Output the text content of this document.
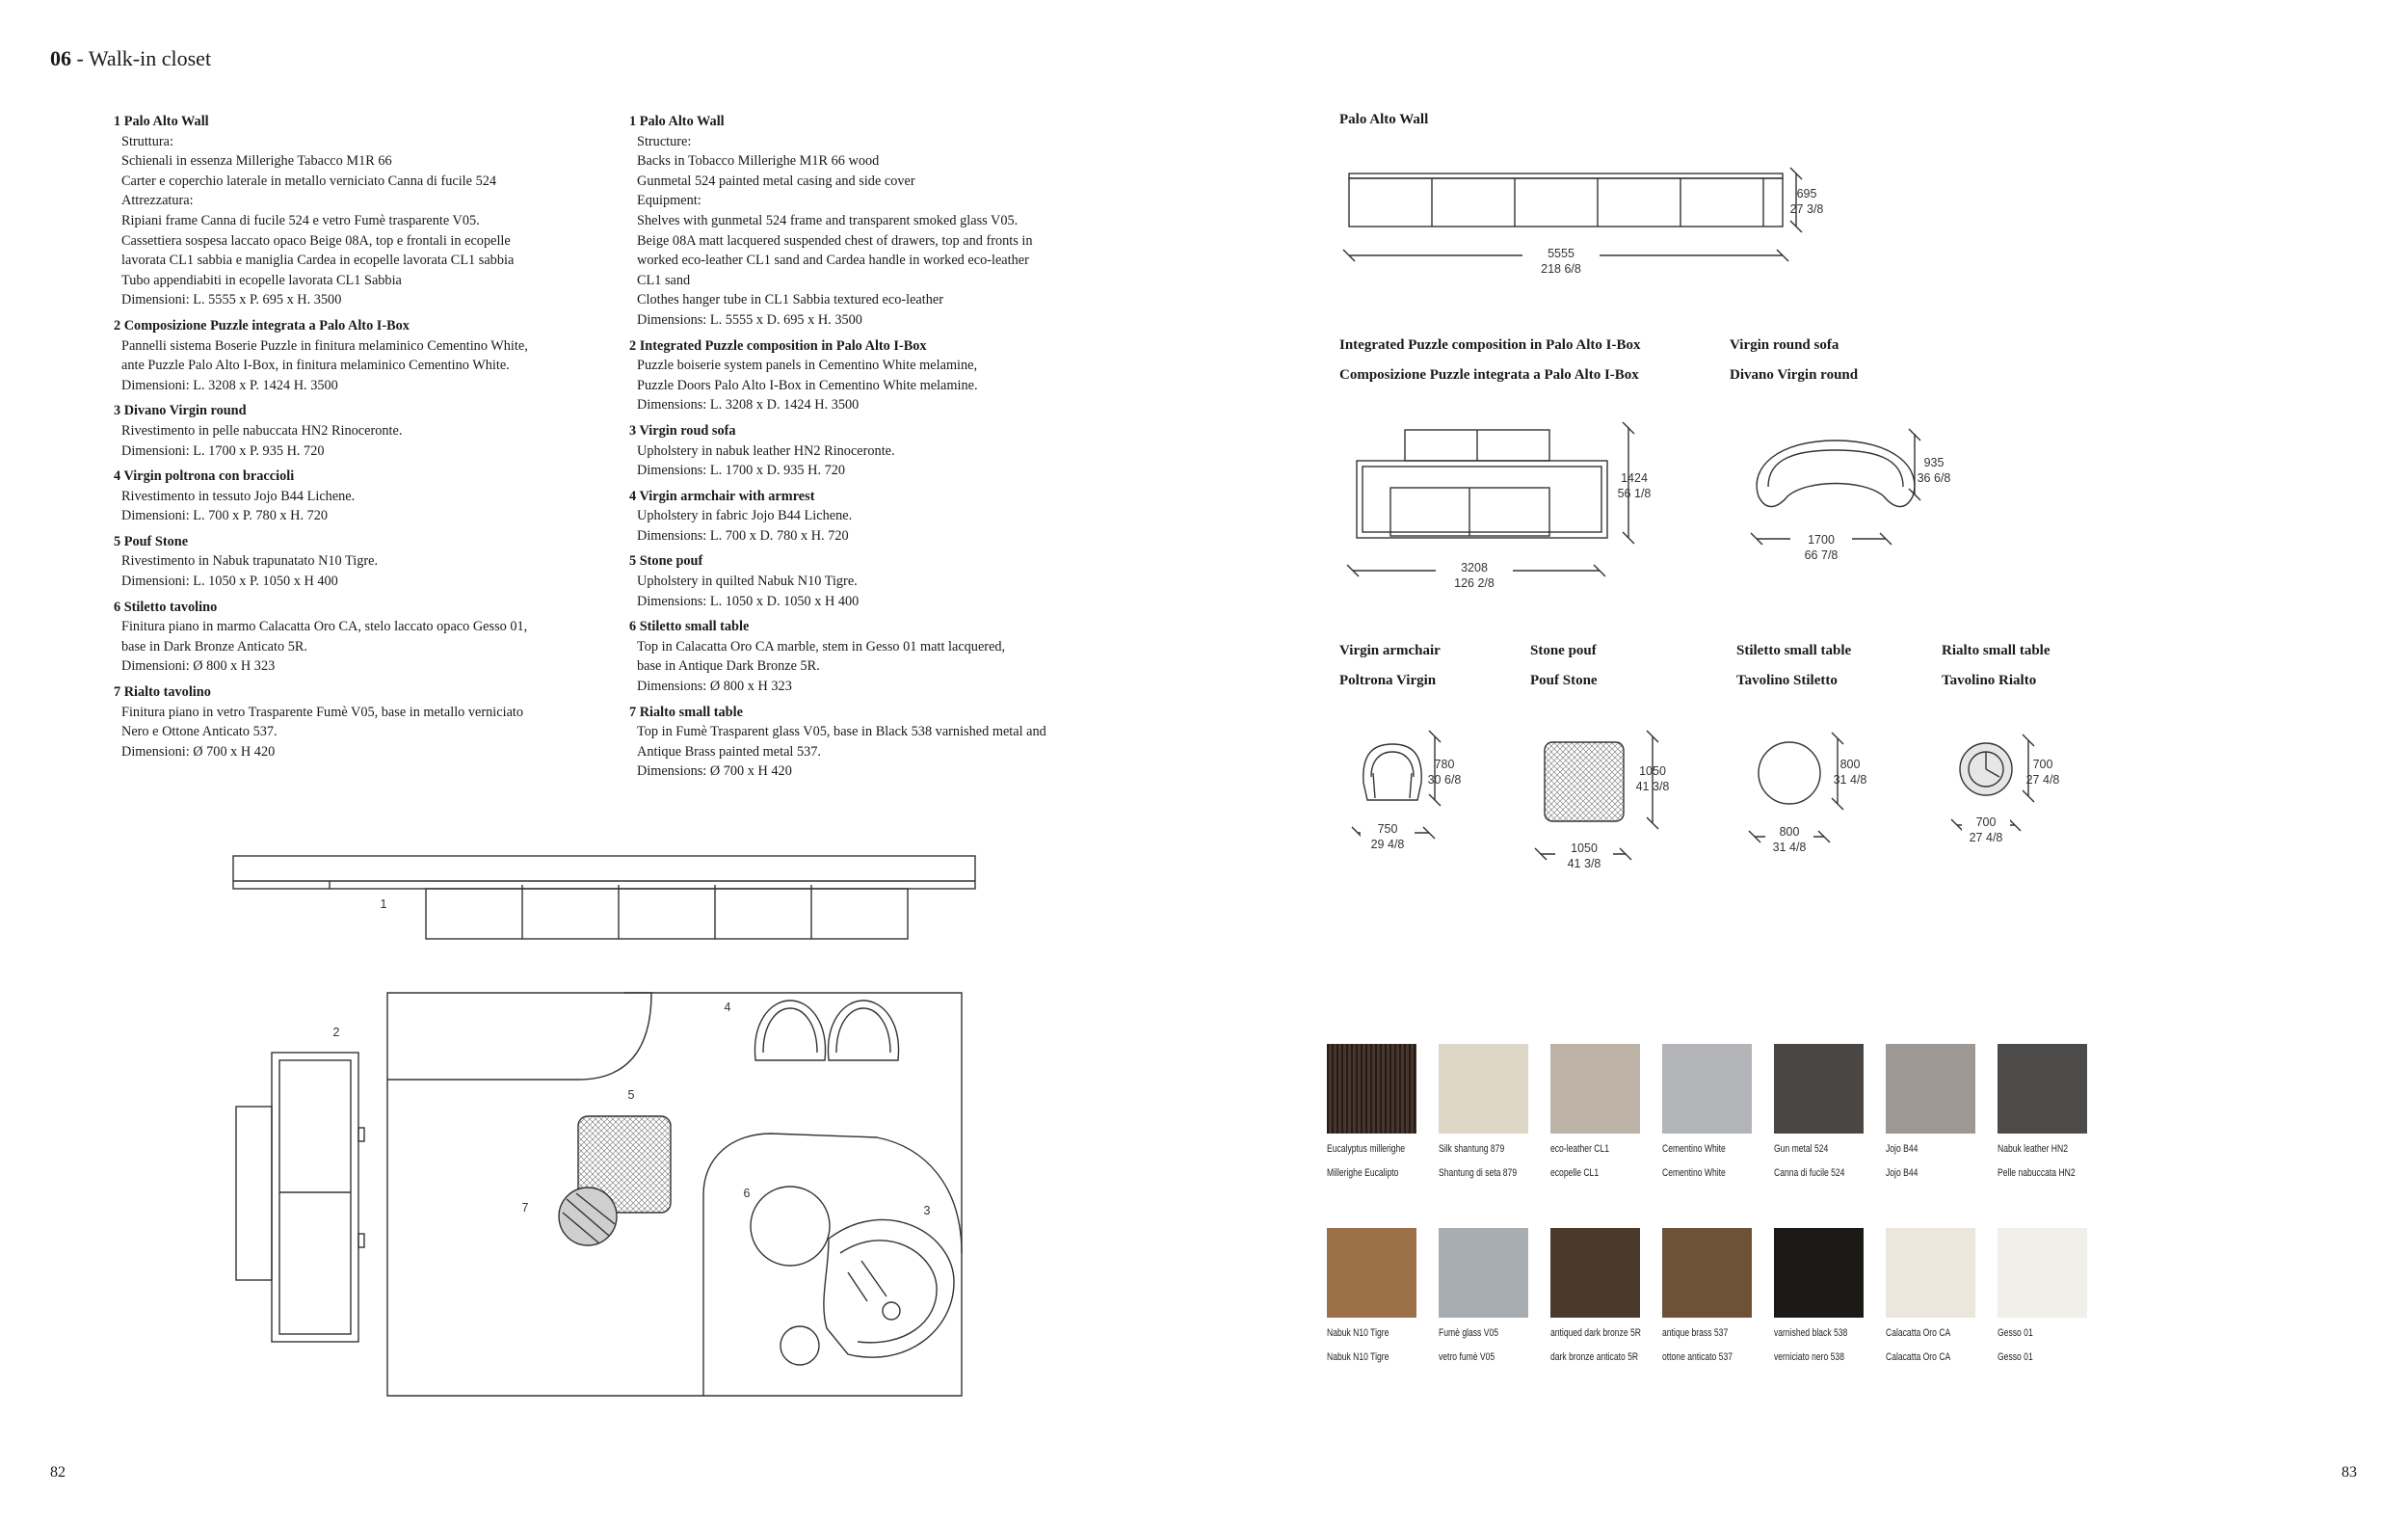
06 - Walk-in closet
1 Palo Alto Wall
Struttura:
Schienali in essenza Millerighe Tabacco M1R 66
Carter e coperchio laterale in metallo verniciato Canna di fucile 524
Attrezzatura:
Ripiani frame Canna di fucile 524 e vetro Fumè trasparente V05.
Cassettiera sospesa laccato opaco Beige 08A, top e frontali in ecopelle
lavorata CL1 sabbia e maniglia Cardea in ecopelle lavorata CL1 sabbia
Tubo appendiabiti in ecopelle lavorata CL1 Sabbia
Dimensioni: L. 5555 x P. 695 x H. 3500
2 Composizione Puzzle integrata a Palo Alto I-Box
Pannelli sistema Boserie Puzzle in finitura melaminico Cementino White,
ante Puzzle Palo Alto I-Box, in finitura melaminico Cementino White.
Dimensioni: L. 3208 x P. 1424 H. 3500
3 Divano Virgin round
Rivestimento in pelle nabuccata HN2 Rinoceronte.
Dimensioni: L. 1700 x P. 935 H. 720
4 Virgin poltrona con braccioli
Rivestimento in tessuto Jojo B44 Lichene.
Dimensioni: L. 700 x P. 780 x H. 720
5 Pouf Stone
Rivestimento in Nabuk trapunatato N10 Tigre.
Dimensioni: L. 1050 x P. 1050 x H 400
6 Stiletto tavolino
Finitura piano in marmo Calacatta Oro CA, stelo laccato opaco Gesso 01,
base in Dark Bronze Anticato 5R.
Dimensioni: Ø 800 x H 323
7 Rialto tavolino
Finitura piano in vetro Trasparente Fumè V05, base in metallo verniciato
Nero e Ottone Anticato 537.
Dimensioni: Ø 700 x H 420
1 Palo Alto Wall
Structure:
Backs in Tobacco Millerighe M1R 66 wood
Gunmetal 524 painted metal casing and side cover
Equipment:
Shelves with gunmetal 524 frame and transparent smoked glass V05.
Beige 08A matt lacquered suspended chest of drawers, top and fronts in
worked eco-leather CL1 sand and Cardea handle in worked eco-leather
CL1 sand
Clothes hanger tube in CL1 Sabbia textured eco-leather
Dimensions: L. 5555 x D. 695 x H. 3500
2 Integrated Puzzle composition in Palo Alto I-Box
Puzzle boiserie system panels in Cementino White melamine,
Puzzle Doors Palo Alto I-Box in Cementino White melamine.
Dimensions: L. 3208 x D. 1424 H. 3500
3 Virgin roud sofa
Upholstery in nabuk leather HN2 Rinoceronte.
Dimensions: L. 1700 x D. 935 H. 720
4 Virgin armchair with armrest
Upholstery in fabric Jojo B44 Lichene.
Dimensions: L. 700 x D. 780 x H. 720
5 Stone pouf
Upholstery in quilted Nabuk N10 Tigre.
Dimensions: L. 1050 x D. 1050 x H 400
6 Stiletto small table
Top in Calacatta Oro CA marble, stem in Gesso 01 matt lacquered,
base in Antique Dark Bronze 5R.
Dimensions: Ø 800 x H 323
7 Rialto small table
Top in Fumè Trasparent glass V05, base in Black 538 varnished metal and
Antique Brass painted metal 537.
Dimensions: Ø 700 x H 420
Palo Alto Wall
695
27 3/8
5555
218 6/8
Integrated Puzzle composition in Palo Alto I-Box
Composizione Puzzle integrata a Palo Alto I-Box
1424
56 1/8
3208
126 2/8
Virgin round sofa
Divano Virgin round
935
36 6/8
1700
66 7/8
Virgin armchair
Poltrona Virgin
780
30 6/8
750
29 4/8
Stone pouf
Pouf Stone
1050
41 3/8
1050
41 3/8
Stiletto small table
Tavolino Stiletto
800
31 4/8
800
31 4/8
Rialto small table
Tavolino Rialto
700
27 4/8
700
27 4/8
1
2
3
4
5
6
7
Eucalyptus millerighe
Millerighe Eucalipto
Silk shantung 879
Shantung di seta 879
eco-leather CL1
ecopelle CL1
Cementino White
Cementino White
Gun metal 524
Canna di fucile 524
Jojo B44
Jojo B44
Nabuk leather HN2
Pelle nabuccata HN2
Nabuk N10 Tigre
Nabuk N10 Tigre
Fumè glass V05
vetro fumè V05
antiqued dark bronze 5R
dark bronze anticato 5R
antique brass 537
ottone anticato 537
varnished black 538
verniciato nero 538
Calacatta Oro CA
Calacatta Oro CA
Gesso 01
Gesso 01
82	83
